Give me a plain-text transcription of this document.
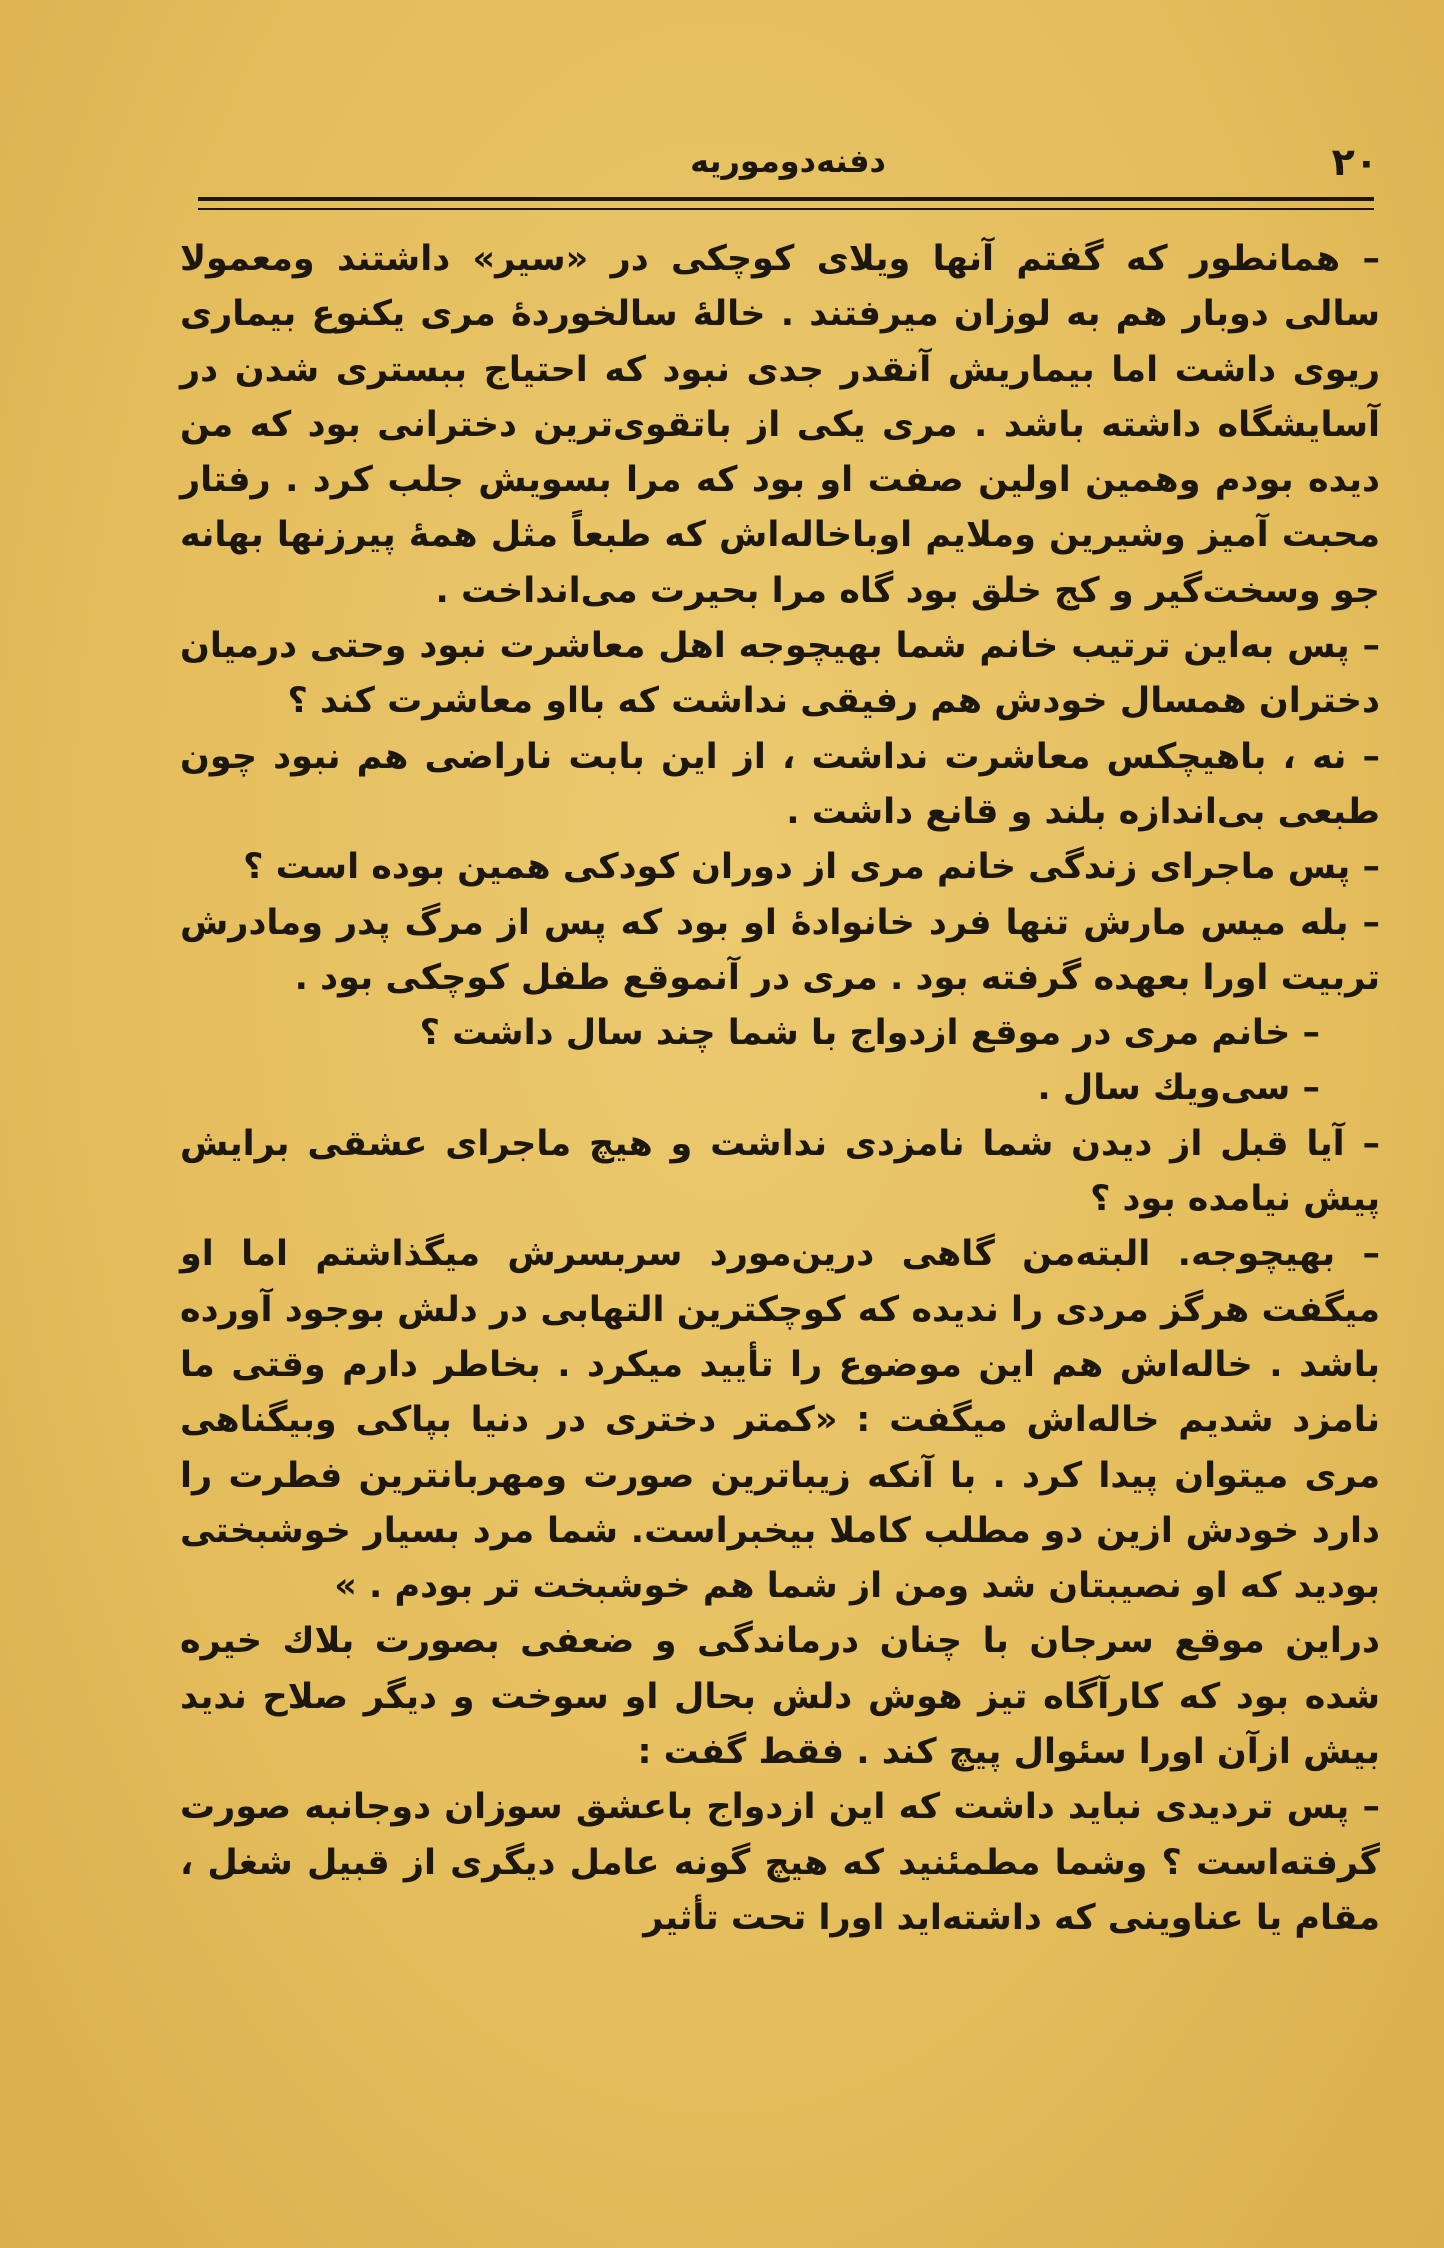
٢٠
دفنه‌دوموریه

– همانطور که گفتم آنها ویلای کوچکی در «سیر» داشتند ومعمولا سالی دوبار هم به لوزان میرفتند . خالهٔ سالخوردهٔ مری یکنوع بیماری ریوی داشت اما بیماریش آنقدر جدی نبود که احتیاج ببستری شدن در آسایشگاه داشته باشد . مری یکی از باتقوی‌ترین دخترانی بود که من دیده بودم وهمین اولین صفت او بود که مرا بسویش جلب کرد . رفتار محبت آمیز وشیرین وملایم اوباخاله‌اش که طبعاً مثل همهٔ پیرزنها بهانه جو وسخت‌گیر و کج خلق بود گاه مرا بحیرت می‌انداخت .

– پس به‌این ترتیب خانم شما بهیچوجه اهل معاشرت نبود وحتی درمیان دختران همسال خودش هم رفیقی نداشت که بااو معاشرت کند ؟

– نه ، باهیچکس معاشرت نداشت ، از این بابت ناراضی هم نبود چون طبعی بی‌اندازه بلند و قانع داشت .

– پس ماجرای زندگی خانم مری از دوران کودکی همین بوده است ؟

– بله میس مارش تنها فرد خانوادهٔ او بود که پس از مرگ پدر ومادرش تربیت اورا بعهده گرفته بود . مری در آنموقع طفل کوچکی بود .

– خانم مری در موقع ازدواج با شما چند سال داشت ؟

– سی‌ویك سال .

– آیا قبل از دیدن شما نامزدی نداشت و هیچ ماجرای عشقی برایش پیش نیامده بود ؟

– بهیچوجه. البته‌من گاهی درین‌مورد سربسرش میگذاشتم اما او میگفت هرگز مردی را ندیده که کوچکترین التهابی در دلش بوجود آورده باشد . خاله‌اش هم این موضوع را تأیید میکرد . بخاطر دارم وقتی ما نامزد شدیم خاله‌اش میگفت : «کمتر دختری در دنیا بپاکی وبیگناهی مری میتوان پیدا کرد . با آنکه زیباترین صورت ومهربانترین فطرت را دارد خودش ازین دو مطلب کاملا بیخبراست. شما مرد بسیار خوشبختی بودید که او نصیبتان شد ومن از شما هم خوشبخت تر بودم . »

دراین موقع سرجان با چنان درماندگی و ضعفی بصورت بلاك خیره شده بود که کارآگاه تیز هوش دلش بحال او سوخت و دیگر صلاح ندید بیش ازآن اورا سئوال پیچ کند . فقط گفت :

– پس تردیدی نباید داشت که این ازدواج باعشق سوزان دوجانبه صورت گرفته‌است ؟ وشما مطمئنید که هیچ گونه عامل دیگری از قبیل شغل ، مقام یا عناوینی که داشته‌اید اورا تحت تأثیر
